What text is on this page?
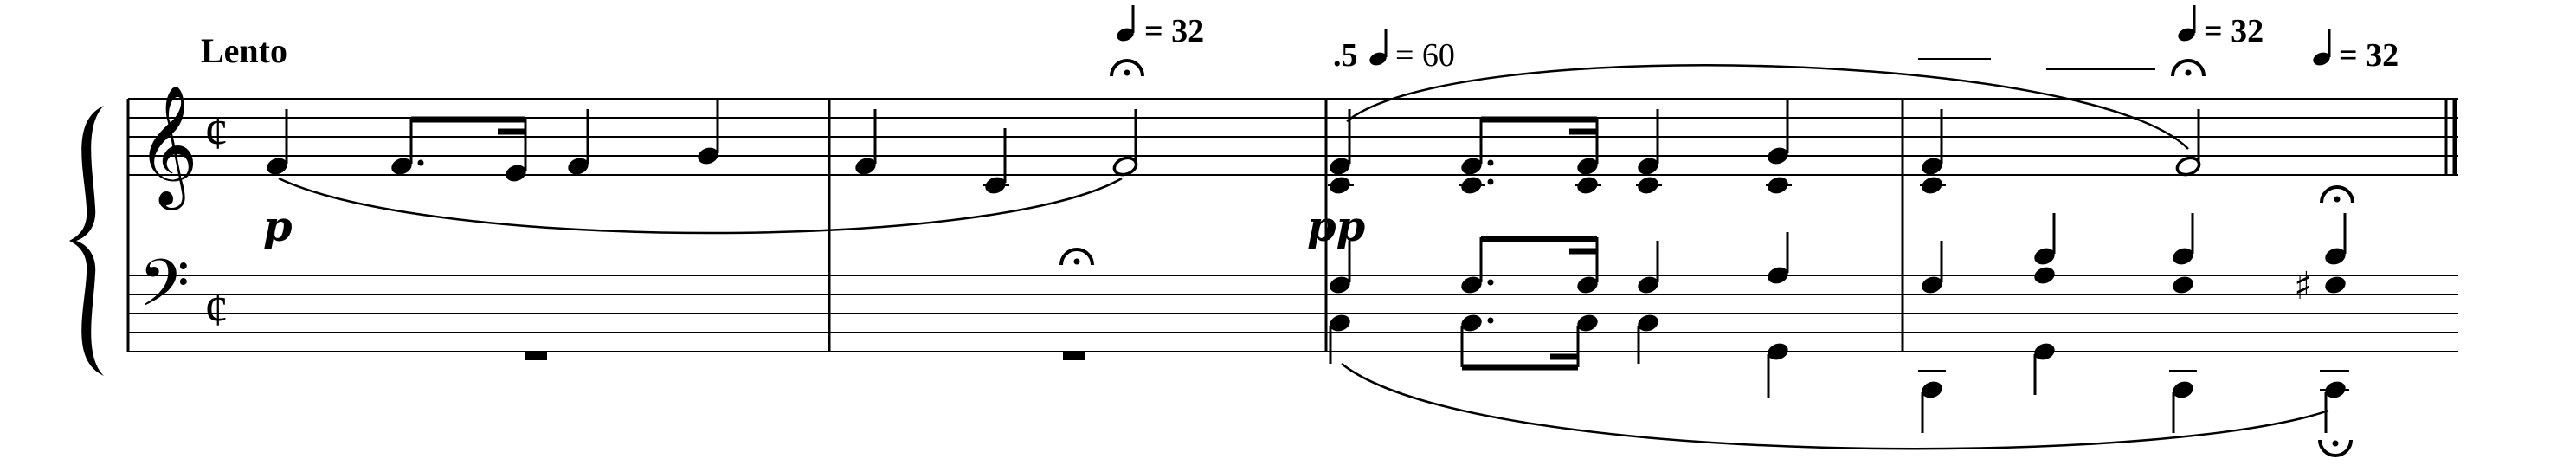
𝄞
𝄢
¢
¢
Lento	= 32
.5 = 60
= 32
= 32
p	pp
♯
